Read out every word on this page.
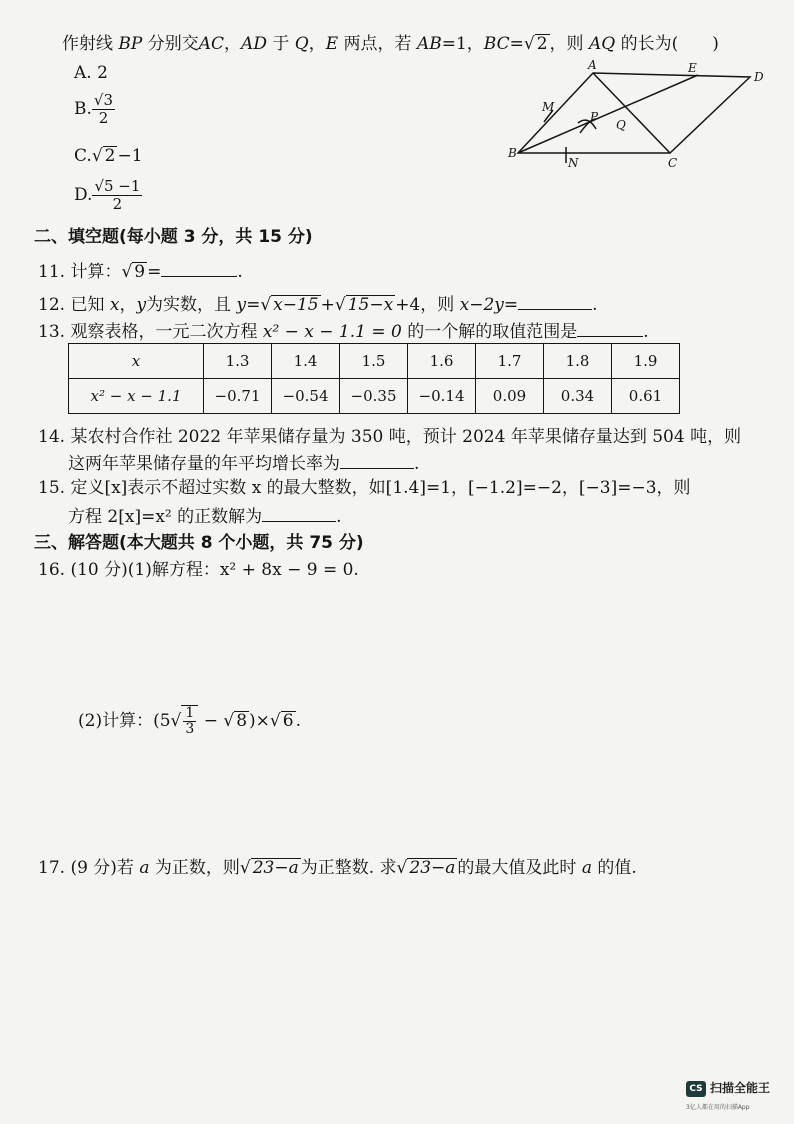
作射线 BP 分别交AC，AD 于 Q，E 两点，若 AB=1，BC=√ 2 ，则 AQ 的长为(　　)
A. 2
B. $\frac{√3}{2}$
C.√ 2 −1
D. $\frac{√5 -1}{2}$
A	E
D
M
P
Q
B
N	C
二、填空题(每小题 3 分，共 15 分)
11. 计算：√ 9 =	.
12. 已知 x，y为实数，且 y=√ x−15 +√ 15−x +4，则 x−2y=	.
13. 观察表格，一元二次方程 x² − x − 1.1 = 0 的一个解的取值范围是	.
x	1.3	1.4	1.5	1.6	1.7	1.8	1.9
x² − x − 1.1	−0.71	−0.54	−0.35	−0.14	0.09	0.34	0.61
14. 某农村合作社 2022 年苹果储存量为 350 吨，预计 2024 年苹果储存量达到 504 吨，则
这两年苹果储存量的年平均增长率为	.
15. 定义[x]表示不超过实数 x 的最大整数，如[1.4]=1，[−1.2]=−2，[−3]=−3，则
方程 2[x]=x² 的正数解为	.
三、解答题(本大题共 8 个小题，共 75 分)
16. (10 分)(1)解方程：x² + 8x − 9 = 0.
(2)计算：($5√ \frac{1}{3}$ − √ 8 )×√ 6 .
17. (9 分)若 a 为正数，则√ 23−a 为正整数. 求√ 23−a 的最大值及此时 a 的值.
CS 扫描全能王
3亿人都在用的扫描App
